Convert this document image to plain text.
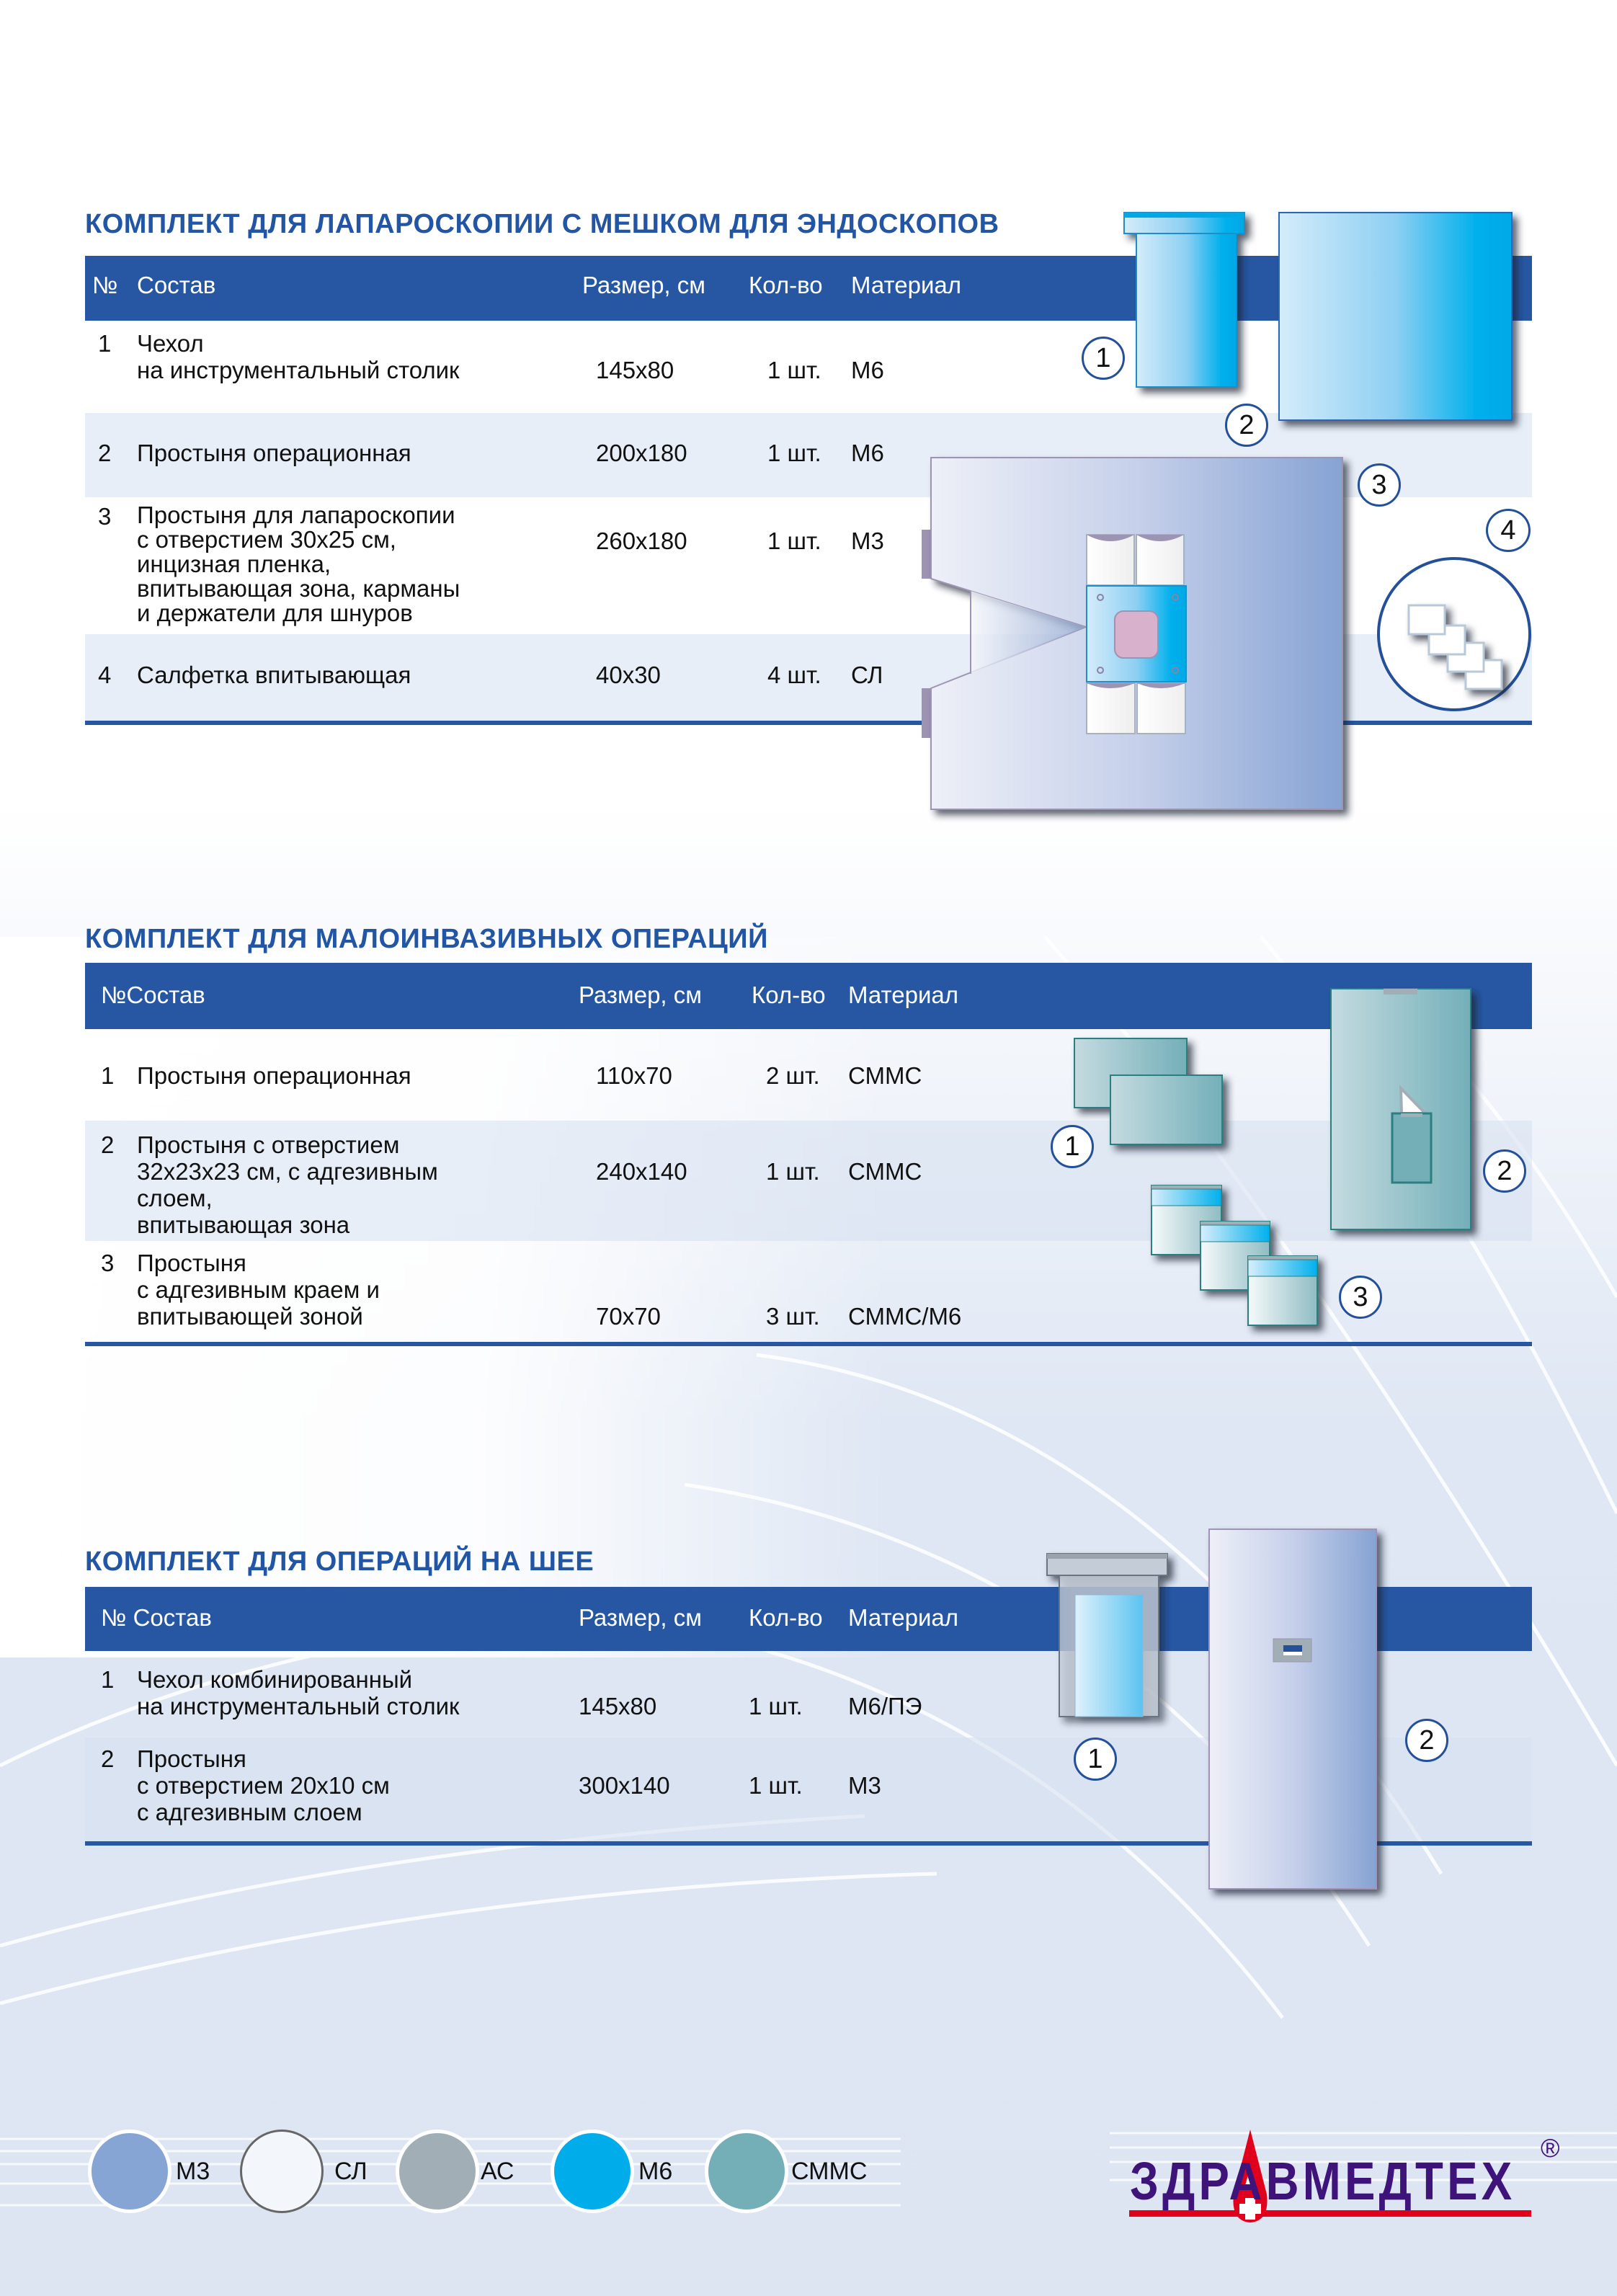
КОМПЛЕКТ ДЛЯ ЛАПАРОСКОПИИ С МЕШКОМ ДЛЯ ЭНДОСКОПОВ
№ Состав	Размер, см Кол-во Материал
1 Чехол
на инструментальный столик	145x80	1 шт. М6
2 Простыня операционная	200x180	1 шт. М6
3 Простыня для лапароскопии
с отверстием 30x25 см,
инцизная пленка,
впитывающая зона, карманы
и держатели для шнуров
260x180	1 шт. М3
4 Салфетка впитывающая	40x30	4 шт. СЛ
1
2
3
4
КОМПЛЕКТ ДЛЯ МАЛОИНВАЗИВНЫХ ОПЕРАЦИЙ
№Состав	Размер, см Кол-во Материал
1 Простыня операционная	110x70	2 шт. СММС
2 Простыня с отверстием
32x23x23 см, с адгезивным
слоем,
впитывающая зона
240x140	1 шт. СММС
3 Простыня
с адгезивным краем и
впитывающей зоной	70x70	3 шт. СММС/М6
1
2
3
КОМПЛЕКТ ДЛЯ ОПЕРАЦИЙ НА ШЕЕ
№ Состав	Размер, см Кол-во Материал
1 Чехол комбинированный
на инструментальный столик	145x80	1 шт. М6/ПЭ
2 Простыня
с отверстием 20x10 см
с адгезивным слоем
300x140	1 шт. М3
1
2
М3	СЛ	АС	М6	СММС	ЗДРАВМЕДТЕХ
®
